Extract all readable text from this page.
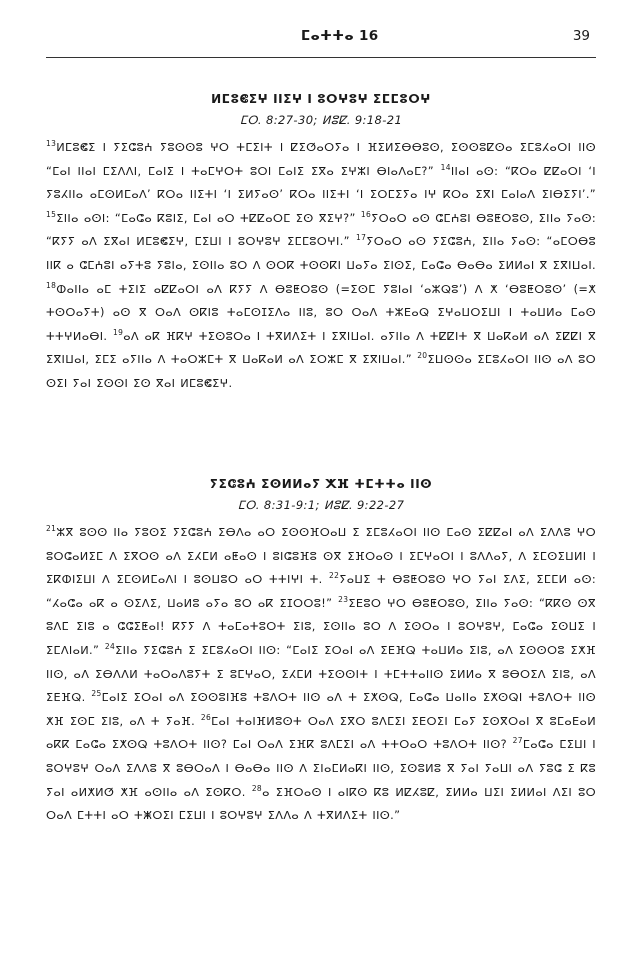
ⵎⴰⵜⵜⴰ 16	39
ⵍⵎⵓⵞⵉⵖ ⵏⵏⵉⵖ ⵏ ⵓⵔⵖⵓⵖ ⵉⵎⵎⵓⵔⵖ
ⵎⵔ. 8:27-30; ⵍⵓⵇ. 9:18-21
$^{13}$ⵍⵎⵓⵞⵉ ⵏ ⵢⵉⵛⵓⵄ ⵢⵓⵙⵙⵓ ⵖⵔ ⵜⵎⵉⵏⵜ ⵏ ⵇⵉⵚⴰⵔⵢⴰ ⵏ ⴼⵉⵍⵉⴱⴱⵓⵙ, ⵉⵙⵙⵓⵇⵙⴰ ⵉⵎⵓⵃⴰⵔⵏ ⵏⵏⵙ “ⵎⴰⵏ ⵏⵏⴰⵏ ⵎⵉⴷⴷⵏ, ⵎⴰⵏⵉ ⵏ ⵜⴰⵎⵖⵔⵜ ⵓⵔⵏ ⵎⴰⵏⵉ ⵉⴳⴰ ⵉⵖⵣⵏ ⴱⵏⴰⴷⴰⵎ?” $^{14}$ⵏⵏⴰⵏ ⴰⵙ: “ⴽⵔⴰ ⵇⵇⴰⵔⵏ ‘ⵏ ⵢⵓⵃⵏⵏⴰ ⴰⵎⵙⵍⵎⴰⴷ’ ⴽⵔⴰ ⵏⵏⵉⵜⵏ ‘ⵏ ⵉⵍⵢⴰⵙ’ ⴽⵔⴰ ⵏⵏⵉⵜⵏ ‘ⵏ ⵉⵔⵎⵉⵢⴰ ⵏⵖ ⴽⵔⴰ ⵉⴳⵏ ⵎⴰⵏⴰⴷ ⵉⵏⴱⵉⵢⵏ’.” $^{15}$ⵉⵏⵏⴰ ⴰⵙⵏ: “ⵎⴰⵛⴰ ⴽⵓⵏⵉ, ⵎⴰⵏ ⴰⵔ ⵜⵇⵇⴰⵔⵎ ⵉⵙ ⴳⵉⵖ?” $^{16}$ⵢⵔⴰⵔ ⴰⵙ ⵛⵎⵄⵓⵏ ⴱⵓⵟⵔⵓⵙ, ⵉⵏⵏⴰ ⵢⴰⵙ: “ⴽⵢⵢ ⴰⴷ ⵉⴳⴰⵏ ⵍⵎⵓⵞⵉⵖ, ⵎⵉⵡⵏ ⵏ ⵓⵔⵖⵓⵖ ⵉⵎⵎⵓⵔⵖⵏ.” $^{17}$ⵢⵔⴰⵔ ⴰⵙ ⵢⵉⵛⵓⵄ, ⵉⵏⵏⴰ ⵢⴰⵙ: “ⴰⵎⵔⴱⵓ ⵏⵏⴽ ⴰ ⵛⵎⵄⵓⵏ ⴰⵢⵜⵓ ⵢⵓⵏⴰ, ⵉⵙⵏⵏⴰ ⵓⵔ ⴷ ⵙⵔⴽ ⵜⵙⵙⴽⵏ ⵡⴰⵢⴰ ⵉⵏⵙⵉ, ⵎⴰⵛⴰ ⴱⴰⴱⴰ ⵉⵍⵍⴰⵏ ⴳ ⵉⴳⵏⵡⴰⵏ. $^{18}$ⵀⴰⵏⵏⴰ ⴰⵎ ⵜⵉⵏⵉ ⴰⵇⵇⴰⵔⵏ ⴰⴷ ⴽⵢⵢ ⴷ ⴱⵓⵟⵔⵓⵙ (=ⵉⵙⵎ ⵢⵓⵏⴰⵏ ‘ⴰⵣⵕⵓ’) ⴷ ⵅ ‘ⴱⵓⵟⵔⵓⵙ’ (=ⵅ ⵜⵙⵔⴰⵢⵜ) ⴰⵙ ⴳ ⵔⴰⴷ ⵙⴽⵏⵓ ⵜⴰⵎⵙⵊⵉⴷⴰ ⵏⵏⵓ, ⵓⵔ ⵔⴰⴷ ⵜⵣⴹⴰⵕ ⵉⵖⴰⵡⵔⵉⵡⵏ ⵏ ⵜⴰⵡⵍⴰ ⵎⴰⵙ ⵜⵜⵖⵍⴰⴱⵏ. $^{19}$ⴰⴷ ⴰⴽ ⴼⴽⵖ ⵜⵉⵙⵓⵔⴰ ⵏ ⵜⴳⵍⴷⵉⵜ ⵏ ⵉⴳⵏⵡⴰⵏ. ⴰⵢⵏⵏⴰ ⴷ ⵜⵇⵇⵏⵜ ⴳ ⵡⴰⴽⴰⵍ ⴰⴷ ⵉⵇⵇⵏ ⴳ ⵉⴳⵏⵡⴰⵏ, ⵉⵎⵉ ⴰⵢⵏⵏⴰ ⴷ ⵜⴰⵔⵣⵎⵜ ⴳ ⵡⴰⴽⴰⵍ ⴰⴷ ⵉⵔⵣⵎ ⴳ ⵉⴳⵏⵡⴰⵏ.” $^{20}$ⵉⵡⵙⵙⴰ ⵉⵎⵓⵃⴰⵔⵏ ⵏⵏⵙ ⴰⴷ ⵓⵔ ⵙⵉⵏ ⵢⴰⵏ ⵉⵙⵙⵏ ⵉⵙ ⴳⴰⵏ ⵍⵎⵓⵞⵉⵖ.
ⵢⵉⵛⵓⵄ ⵉⵙⵍⵍⴰⵢ ⵅⴼ ⵜⵎⵜⵜⴰ ⵏⵏⵙ
ⵎⵔ. 8:31-9:1; ⵍⵓⵇ. 9:22-27
$^{21}$ⵣⴳ ⵓⵙⵙ ⵏⵏⴰ ⵢⵓⵙⵉ ⵢⵉⵛⵓⵄ ⵉⴱⴷⴰ ⴰⵔ ⵉⵙⵙⴼⵔⴰⵡ ⵉ ⵉⵎⵓⵃⴰⵔⵏ ⵏⵏⵙ ⵎⴰⵙ ⵉⵇⵇⴰⵏ ⴰⴷ ⵉⴷⴷⵓ ⵖⵔ ⵓⵔⵛⴰⵍⵉⵎ ⴷ ⵉⴳⵔⵙ ⴰⴷ ⵉⵃⵎⵍ ⴰⵟⴰⵙ ⵏ ⵓⵏⵛⵓⴼⵓ ⵙⴳ ⵉⴼⵔⴰⵙ ⵏ ⵉⵎⵖⴰⵔⵏ ⵏ ⵓⴷⴷⴰⵢ, ⴷ ⵉⵎⵙⵉⵡⵍⵏ ⵏ ⵉⴽⵀⵏⵉⵡⵏ ⴷ ⵉⵎⵙⵍⵎⴰⴷⵏ ⵏ ⵓⵙⵡⵓⵔ ⴰⵔ ⵜⵜⵏⵖⵏ ⵜ. $^{22}$ⵢⴰⵡⵉ ⵜ ⴱⵓⵟⵔⵓⵙ ⵖⵔ ⵢⴰⵏ ⵉⴷⵉ, ⵉⵎⵎⵍ ⴰⵙ: “ⵃⴰⵛⴰ ⴰⴽ ⴰ ⵙⵉⴷⵉ, ⵡⴰⵍⵓ ⴰⵢⴰ ⵓⵔ ⴰⴽ ⵉⵊⵔⵔⵓ!” $^{23}$ⵉⴹⵓⵔ ⵖⵔ ⴱⵓⵟⵔⵓⵙ, ⵉⵏⵏⴰ ⵢⴰⵙ: “ⴽⴽⵙ ⵙⴳ ⵓⴷⵎ ⵉⵏⵓ ⴰ ⵛⵛⵉⵟⴰⵏ! ⴽⵢⵢ ⴷ ⵜⴰⵎⴰⵜⵓⵔⵜ ⵉⵏⵓ, ⵉⵙⵏⵏⴰ ⵓⵔ ⴷ ⵉⵙⵔⴰ ⵏ ⵓⵔⵖⵓⵖ, ⵎⴰⵛⴰ ⵉⵙⵡⵉ ⵏ ⵉⵎⴷⵏⴰⵍ.” $^{24}$ⵉⵏⵏⴰ ⵢⵉⵛⵓⵄ ⵉ ⵉⵎⵓⵃⴰⵔⵏ ⵏⵏⵙ: “ⵎⴰⵏⵉ ⵉⵔⴰⵏ ⴰⴷ ⵉⴹⴼⵕ ⵜⴰⵡⵍⴰ ⵉⵏⵓ, ⴰⴷ ⵉⵙⵙⵔⵓ ⵉⵅⴼ ⵏⵏⵙ, ⴰⴷ ⵉⴱⴷⴷⵍ ⵜⴰⵔⴰⴷⵓⵢⵜ ⵉ ⵓⵎⵖⴰⵔ, ⵉⵃⵎⵍ ⵜⵉⵙⵙⵏⵜ ⵏ ⵜⵎⵜⵜⴰⵏⵏⵙ ⵉⵍⵍⴰ ⴳ ⵓⴱⵔⵉⴷ ⵉⵏⵓ, ⴰⴷ ⵉⴹⴼⵕ. $^{25}$ⵎⴰⵏⵉ ⵉⵔⴰⵏ ⴰⴷ ⵉⵙⵙⵓⵏⴼⵓ ⵜⵓⴷⵔⵜ ⵏⵏⵙ ⴰⴷ ⵜ ⵉⵅⵙⵕ, ⵎⴰⵛⴰ ⵡⴰⵏⵏⴰ ⵉⵅⵙⵕⵏ ⵜⵓⴷⵔⵜ ⵏⵏⵙ ⵅⴼ ⵉⵙⵎ ⵉⵏⵓ, ⴰⴷ ⵜ ⵢⴰⴼ. $^{26}$ⵎⴰⵏ ⵜⴰⵏⴼⵍⵓⵙⵜ ⵔⴰⴷ ⵉⴳⵔ ⵓⴷⵎⵉⵏ ⵉⴹⵔⵉⵏ ⵎⴰⵢ ⵉⵙⴳⵔⴰⵏ ⴳ ⵓⵎⴰⴹⴰⵍ ⴰⴽⴽ ⵎⴰⵛⴰ ⵉⵅⵙⵕ ⵜⵓⴷⵔⵜ ⵏⵏⵙ? ⵎⴰⵏ ⵔⴰⴷ ⵉⴼⴽ ⵓⴷⵎⵉⵏ ⴰⴷ ⵜⵜⵔⴰⵔ ⵜⵓⴷⵔⵜ ⵏⵏⵙ? $^{27}$ⵎⴰⵛⴰ ⵎⵉⵡⵏ ⵏ ⵓⵔⵖⵓⵖ ⵔⴰⴷ ⵉⴷⴷⵓ ⴳ ⵓⴱⵔⴰⴷ ⵏ ⴱⴰⴱⴰ ⵏⵏⵙ ⴷ ⵉⵏⴰⵎⵍⴰⴽⵏ ⵏⵏⵙ, ⵉⵙⵓⵍⵓ ⴳ ⵢⴰⵏ ⵢⴰⵡⵏ ⴰⴷ ⵢⵓⵛ ⵉ ⴽⵓ ⵢⴰⵏ ⴰⵍⵅⵍⵚ ⵅⴼ ⴰⵙⵏⵏⴰ ⴰⴷ ⵉⵙⴽⵔ. $^{28}$ⴰ ⵉⴼⵔⴰⵙ ⵏ ⴰⵏⴽⵙ ⴽⵓ ⵍⵇⵃⵓⵇ, ⵉⵍⵍⴰ ⵡⵉⵏ ⵉⵍⵍⴰⵏ ⴷⵉⵏ ⵓⵔ ⵔⴰⴷ ⵎⵜⵜⵏ ⴰⵔ ⵜⵥⵔⵉⵏ ⵎⵉⵡⵏ ⵏ ⵓⵔⵖⵓⵖ ⵉⴷⴷⴰ ⴷ ⵜⴳⵍⴷⵉⵜ ⵏⵏⵙ.”
